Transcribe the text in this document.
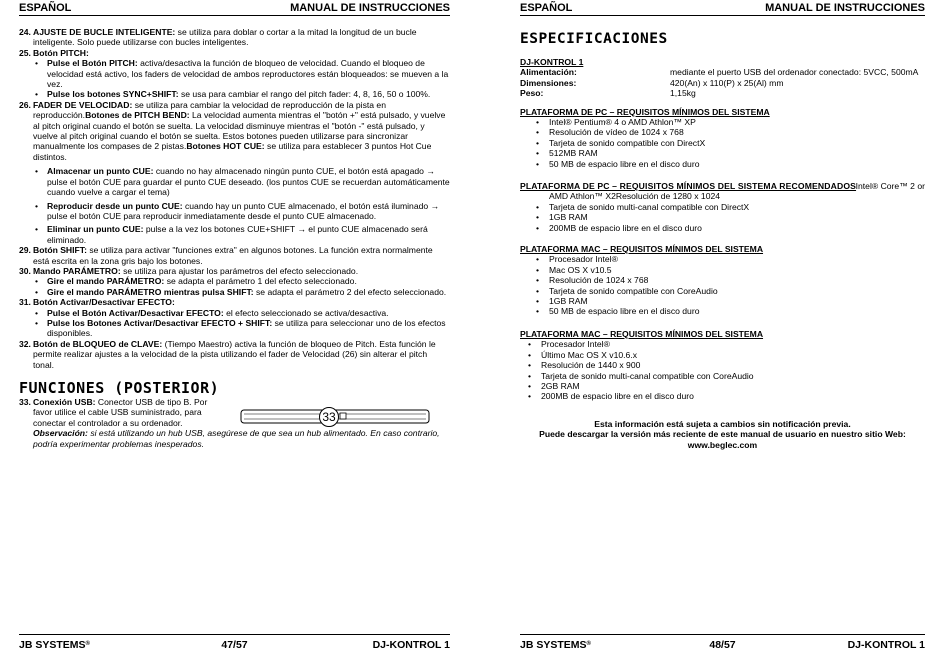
ESPAÑOL	MANUAL DE INSTRUCCIONES
24. AJUSTE DE BUCLE INTELIGENTE: se utiliza para doblar o cortar a la mitad la longitud de un bucle inteligente. Solo puede utilizarse con bucles inteligentes.
25. Botón PITCH:
• Pulse el Botón PITCH: activa/desactiva la función de bloqueo de velocidad. Cuando el bloqueo de velocidad está activo, los faders de velocidad de ambos reproductores están bloqueados: se mueven a la vez.
• Pulse los botones SYNC+SHIFT: se usa para cambiar el rango del pitch fader: 4, 8, 16, 50 o 100%.
26. FADER DE VELOCIDAD: se utiliza para cambiar la velocidad de reproducción de la pista en reproducción.Botones de PITCH BEND: La velocidad aumenta mientras el "botón +" está pulsado, y vuelve al pitch original cuando el botón se suelta. La velocidad disminuye mientras el "botón -" está pulsado, y vuelve al pitch original cuando el botón se suelta. Estos botones pueden utilizarse para sincronizar manualmente los compases de 2 pistas.Botones HOT CUE: se utiliza para establecer 3 puntos Hot Cue distintos.
• Almacenar un punto CUE: cuando no hay almacenado ningún punto CUE, el botón está apagado → pulse el botón CUE para guardar el punto CUE deseado. (los puntos CUE se recuerdan automáticamente cuando vuelve a cargar el tema)
• Reproducir desde un punto CUE: cuando hay un punto CUE almacenado, el botón está iluminado → pulse el botón CUE para reproducir inmediatamente desde el punto CUE almacenado.
• Eliminar un punto CUE: pulse a la vez los botones CUE+SHIFT → el punto CUE almacenado será eliminado.
29. Botón SHIFT: se utiliza para activar "funciones extra" en algunos botones. La función extra normalmente está escrita en la zona gris bajo los botones.
30. Mando PARÁMETRO: se utiliza para ajustar los parámetros del efecto seleccionado.
• Gire el mando PARÁMETRO: se adapta el parámetro 1 del efecto seleccionado.
• Gire el mando PARÁMETRO mientras pulsa SHIFT: se adapta el parámetro 2 del efecto seleccionado.
31. Botón Activar/Desactivar EFECTO:
• Pulse el Botón Activar/Desactivar EFECTO: el efecto seleccionado se activa/desactiva.
• Pulse los Botones Activar/Desactivar EFECTO + SHIFT: se utiliza para seleccionar uno de los efectos disponibles.
32. Botón de BLOQUEO de CLAVE: (Tiempo Maestro) activa la función de bloqueo de Pitch. Esta función le permite realizar ajustes a la velocidad de la pista utilizando el fader de Velocidad (26) sin alterar el pitch tonal.
FUNCIONES (POSTERIOR)
33. Conexión USB: Conector USB de tipo B. Por favor utilice el cable USB suministrado, para conectar el controlador a su ordenador.
Observación: si está utilizando un hub USB, asegúrese de que sea un hub alimentado. En caso contrario, podría experimentar problemas inesperados.
33
JB SYSTEMS®	47/57	DJ-KONTROL 1
ESPAÑOL	MANUAL DE INSTRUCCIONES
ESPECIFICACIONES
DJ-KONTROL 1
Alimentación:	mediante el puerto USB del ordenador conectado: 5VCC, 500mA
Dimensiones:	420(An) x 110(P) x 25(Al) mm
Peso:	1,15kg
PLATAFORMA DE PC – REQUISITOS MÍNIMOS DEL SISTEMA
• Intel® Pentium® 4 o AMD Athlon™ XP
• Resolución de vídeo de 1024 x 768
• Tarjeta de sonido compatible con DirectX
• 512MB RAM
• 50 MB de espacio libre en el disco duro
PLATAFORMA DE PC – REQUISITOS MÍNIMOS DEL SISTEMA RECOMENDADOS Intel® Core™ 2 or
AMD Athlon™ X2Resolución de 1280 x 1024
• Tarjeta de sonido multi-canal compatible con DirectX
• 1GB RAM
• 200MB de espacio libre en el disco duro
PLATAFORMA MAC – REQUISITOS MÍNIMOS DEL SISTEMA
• Procesador Intel®
• Mac OS X v10.5
• Resolución de 1024 x 768
• Tarjeta de sonido compatible con CoreAudio
• 1GB RAM
• 50 MB de espacio libre en el disco duro
PLATAFORMA MAC – REQUISITOS MÍNIMOS DEL SISTEMA
• Procesador Intel®
• Último Mac OS X v10.6.x
• Resolución de 1440 x 900
• Tarjeta de sonido multi-canal compatible con CoreAudio
• 2GB RAM
• 200MB de espacio libre en el disco duro
Esta información está sujeta a cambios sin notificación previa.
Puede descargar la versión más reciente de este manual de usuario en nuestro sitio Web:
www.beglec.com
JB SYSTEMS®	48/57	DJ-KONTROL 1
